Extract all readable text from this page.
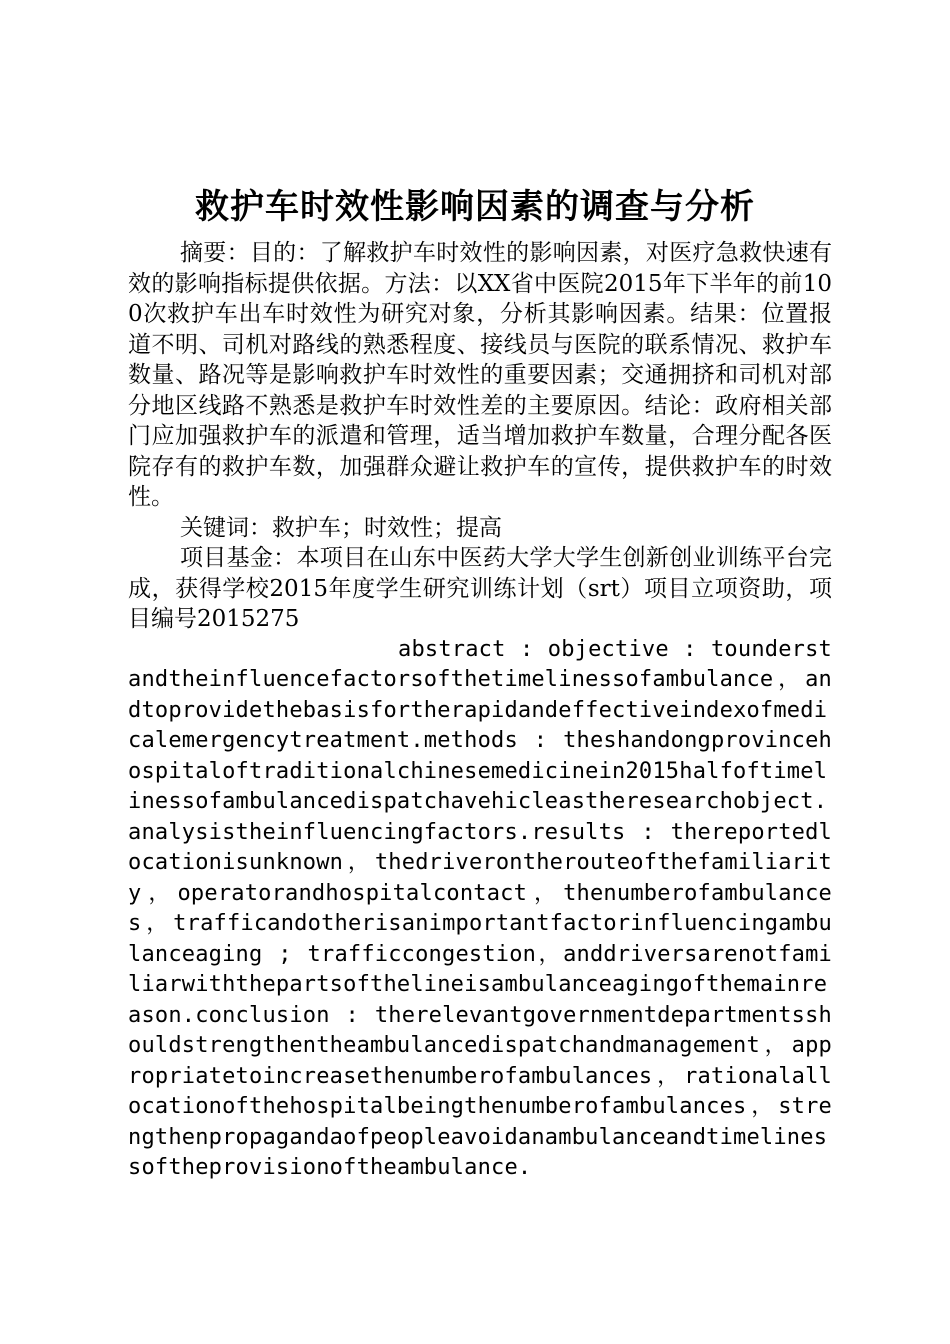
救护车时效性影响因素的调查与分析

摘要：目的：了解救护车时效性的影响因素，对医疗急救快速有效的影响指标提供依据。方法：以XX省中医院2015年下半年的前100次救护车出车时效性为研究对象，分析其影响因素。结果：位置报道不明、司机对路线的熟悉程度、接线员与医院的联系情况、救护车数量、路况等是影响救护车时效性的重要因素；交通拥挤和司机对部分地区线路不熟悉是救护车时效性差的主要原因。结论：政府相关部门应加强救护车的派遣和管理，适当增加救护车数量，合理分配各医院存有的救护车数，加强群众避让救护车的宣传，提供救护车的时效性。

关键词：救护车；时效性；提高

项目基金：本项目在山东中医药大学大学生创新创业训练平台完成，获得学校2015年度学生研究训练计划（srt）项目立项资助，项目编号2015275

abstract : objective : tounderstandtheinfluencefactorsofthetimelinessofambulance，andtoprovidethebasisfortherapidandeffectiveindexofmedicalemergencytreatment.methods : theshandongprovincehospitaloftraditionalchinesemedicinein2015halfoftimelinessofambulancedispatchavehicleastheresearchobject.analysistheinfluencingfactors.results : thereportedlocationisunknown，thedriverontherouteofthefamiliarity，operatorandhospitalcontact，thenumberofambulances，trafficandotherisanimportantfactorinfluencingambulanceaging ; trafficcongestion，anddriversarenotfamiliarwiththepartsofthelineisambulanceagingofthemainreason.conclusion : therelevantgovernmentdepartmentsshouldstrengthentheambulancedispatchandmanagement，appropriatetoincreasethenumberofambulances，rationalallocationofthehospitalbeingthenumberofambulances，strengthenpropagandaofpeopleavoidanambulanceandtimelinessoftheprovisionoftheambulance.
